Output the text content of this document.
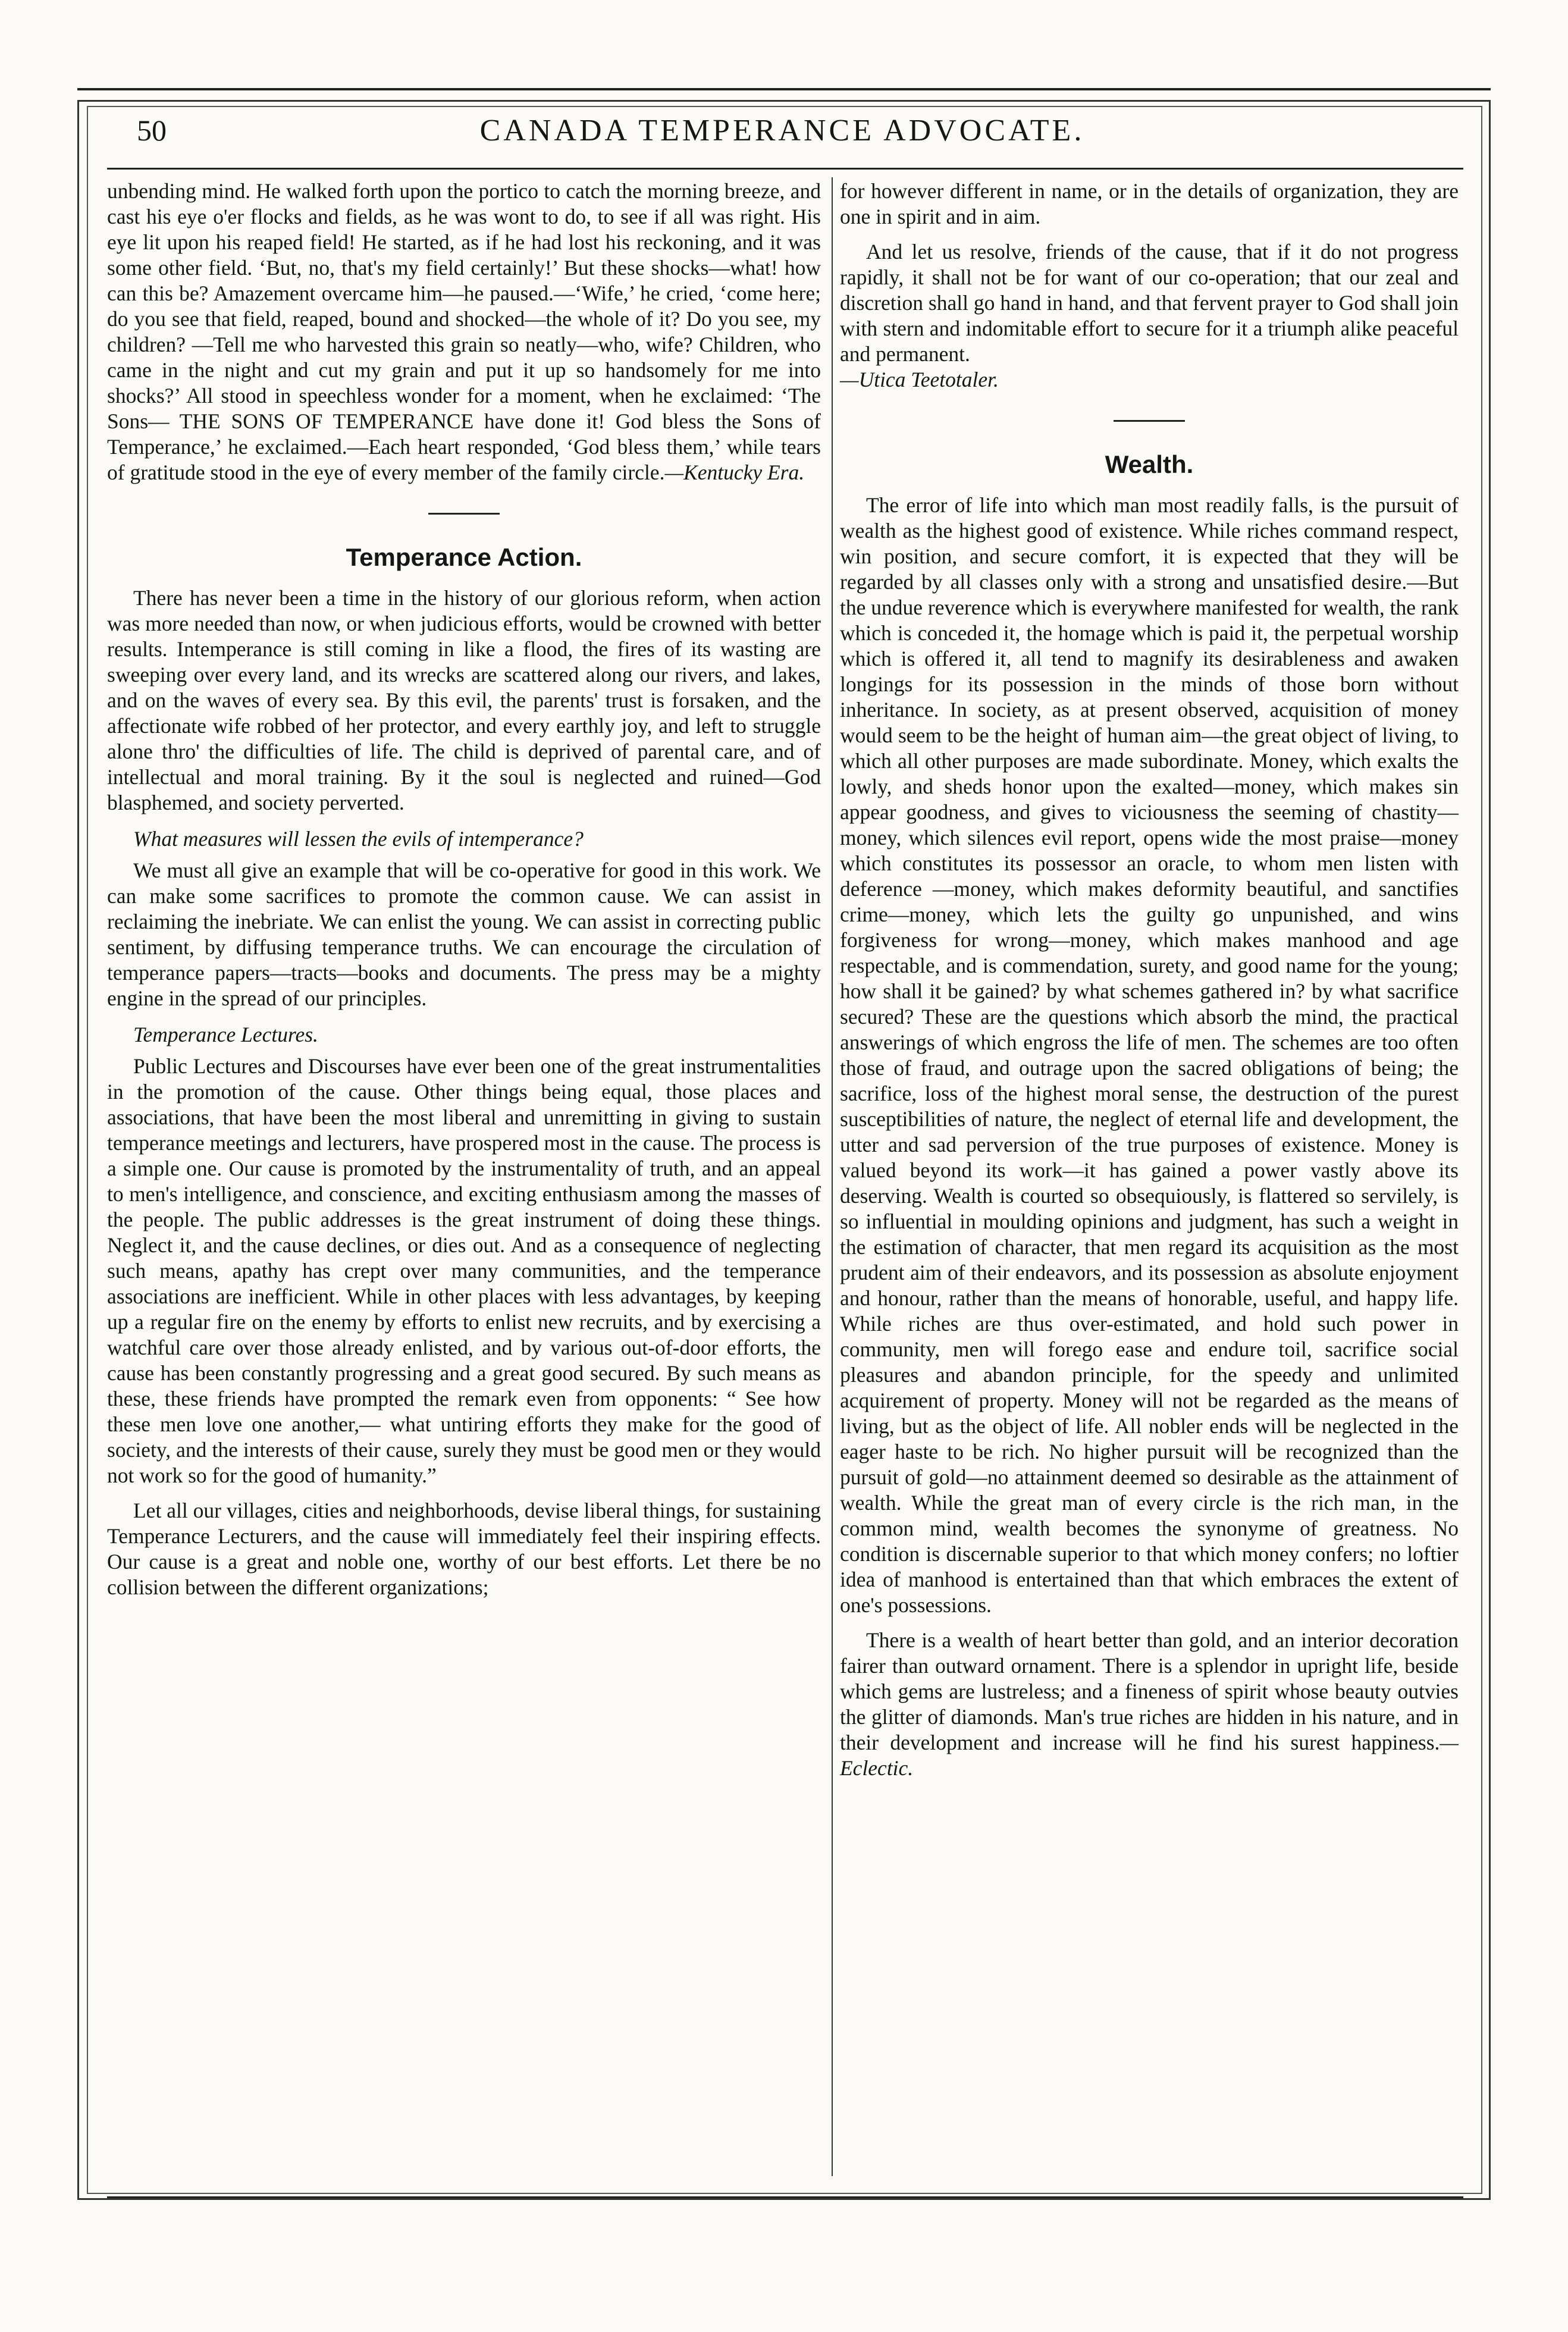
50	CANADA TEMPERANCE ADVOCATE.

unbending mind. He walked forth upon the portico to catch the morning breeze, and cast his eye o'er flocks and fields, as he was wont to do, to see if all was right. His eye lit upon his reaped field! He started, as if he had lost his reckoning, and it was some other field. ‘But, no, that's my field certainly!’ But these shocks—what! how can this be? Amazement overcame him—he paused.—‘Wife,’ he cried, ‘come here; do you see that field, reaped, bound and shocked—the whole of it? Do you see, my children? —Tell me who harvested this grain so neatly—who, wife? Children, who came in the night and cut my grain and put it up so handsomely for me into shocks?’ All stood in speechless wonder for a moment, when he exclaimed: ‘The Sons— THE SONS OF TEMPERANCE have done it! God bless the Sons of Temperance,’ he exclaimed.—Each heart responded, ‘God bless them,’ while tears of gratitude stood in the eye of every member of the family circle.—Kentucky Era.

Temperance Action.

There has never been a time in the history of our glorious reform, when action was more needed than now, or when judicious efforts, would be crowned with better results. Intemperance is still coming in like a flood, the fires of its wasting are sweeping over every land, and its wrecks are scattered along our rivers, and lakes, and on the waves of every sea. By this evil, the parents' trust is forsaken, and the affectionate wife robbed of her protector, and every earthly joy, and left to struggle alone thro' the difficulties of life. The child is deprived of parental care, and of intellectual and moral training. By it the soul is neglected and ruined—God blasphemed, and society perverted.

What measures will lessen the evils of intemperance?

We must all give an example that will be co-operative for good in this work. We can make some sacrifices to promote the common cause. We can assist in reclaiming the inebriate. We can enlist the young. We can assist in correcting public sentiment, by diffusing temperance truths. We can encourage the circulation of temperance papers—tracts—books and documents. The press may be a mighty engine in the spread of our principles.

Temperance Lectures.

Public Lectures and Discourses have ever been one of the great instrumentalities in the promotion of the cause. Other things being equal, those places and associations, that have been the most liberal and unremitting in giving to sustain temperance meetings and lecturers, have prospered most in the cause. The process is a simple one. Our cause is promoted by the instrumentality of truth, and an appeal to men's intelligence, and conscience, and exciting enthusiasm among the masses of the people. The public addresses is the great instrument of doing these things. Neglect it, and the cause declines, or dies out. And as a consequence of neglecting such means, apathy has crept over many communities, and the temperance associations are inefficient. While in other places with less advantages, by keeping up a regular fire on the enemy by efforts to enlist new recruits, and by exercising a watchful care over those already enlisted, and by various out-of-door efforts, the cause has been constantly progressing and a great good secured. By such means as these, these friends have prompted the remark even from opponents: “ See how these men love one another,— what untiring efforts they make for the good of society, and the interests of their cause, surely they must be good men or they would not work so for the good of humanity.”

Let all our villages, cities and neighborhoods, devise liberal things, for sustaining Temperance Lecturers, and the cause will immediately feel their inspiring effects. Our cause is a great and noble one, worthy of our best efforts. Let there be no collision between the different organizations;

for however different in name, or in the details of organization, they are one in spirit and in aim.

And let us resolve, friends of the cause, that if it do not progress rapidly, it shall not be for want of our co-operation; that our zeal and discretion shall go hand in hand, and that fervent prayer to God shall join with stern and indomitable effort to secure for it a triumph alike peaceful and permanent.
—Utica Teetotaler.

Wealth.

The error of life into which man most readily falls, is the pursuit of wealth as the highest good of existence. While riches command respect, win position, and secure comfort, it is expected that they will be regarded by all classes only with a strong and unsatisfied desire.—But the undue reverence which is everywhere manifested for wealth, the rank which is conceded it, the homage which is paid it, the perpetual worship which is offered it, all tend to magnify its desirableness and awaken longings for its possession in the minds of those born without inheritance. In society, as at present observed, acquisition of money would seem to be the height of human aim—the great object of living, to which all other purposes are made subordinate. Money, which exalts the lowly, and sheds honor upon the exalted—money, which makes sin appear goodness, and gives to viciousness the seeming of chastity—money, which silences evil report, opens wide the most praise—money which constitutes its possessor an oracle, to whom men listen with deference —money, which makes deformity beautiful, and sanctifies crime—money, which lets the guilty go unpunished, and wins forgiveness for wrong—money, which makes manhood and age respectable, and is commendation, surety, and good name for the young; how shall it be gained? by what schemes gathered in? by what sacrifice secured? These are the questions which absorb the mind, the practical answerings of which engross the life of men. The schemes are too often those of fraud, and outrage upon the sacred obligations of being; the sacrifice, loss of the highest moral sense, the destruction of the purest susceptibilities of nature, the neglect of eternal life and development, the utter and sad perversion of the true purposes of existence. Money is valued beyond its work—it has gained a power vastly above its deserving. Wealth is courted so obsequiously, is flattered so servilely, is so influential in moulding opinions and judgment, has such a weight in the estimation of character, that men regard its acquisition as the most prudent aim of their endeavors, and its possession as absolute enjoyment and honour, rather than the means of honorable, useful, and happy life. While riches are thus over-estimated, and hold such power in community, men will forego ease and endure toil, sacrifice social pleasures and abandon principle, for the speedy and unlimited acquirement of property. Money will not be regarded as the means of living, but as the object of life. All nobler ends will be neglected in the eager haste to be rich. No higher pursuit will be recognized than the pursuit of gold—no attainment deemed so desirable as the attainment of wealth. While the great man of every circle is the rich man, in the common mind, wealth becomes the synonyme of greatness. No condition is discernable superior to that which money confers; no loftier idea of manhood is entertained than that which embraces the extent of one's possessions.

There is a wealth of heart better than gold, and an interior decoration fairer than outward ornament. There is a splendor in upright life, beside which gems are lustreless; and a fineness of spirit whose beauty outvies the glitter of diamonds. Man's true riches are hidden in his nature, and in their development and increase will he find his surest happiness.—Eclectic.
